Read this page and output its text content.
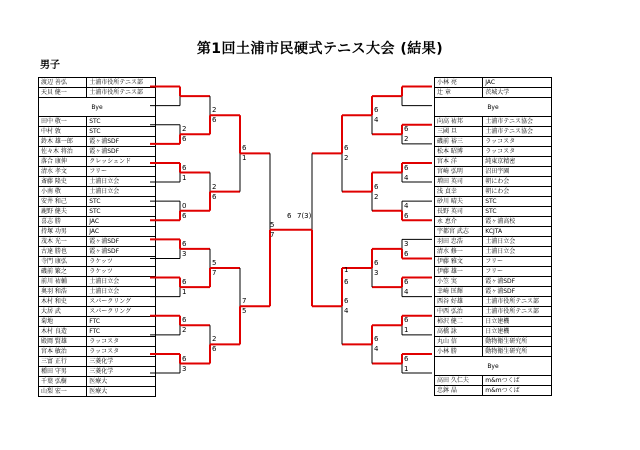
第1回土浦市民硬式テニス大会 (結果)
男子
渡辺 善弘	土浦市役所テニス部
天貝 健一	土浦市役所テニス部
Bye	
田中 敬一	STC
中村 敦	STC
鈴木 雄一郎	霞ヶ浦SDF
佐々木 将治	霞ヶ浦SDF
落合 康伸	クレッシェンド
清水 孝文	フリー
斎藤 隆史	土浦日立会
小南 敬	土浦日立会
安井 和己	STC
鹿野 健夫	STC
喜志 勝	JAC
持塚 功男	JAC
茂木 光一	霞ヶ浦SDF
古達 勝也	霞ヶ浦SDF
寺門 康弘	ラケッツ
磯前 繁之	ラケッツ
前川 祐輔	土浦日立会
奥羽 和浩	土浦日立会
木村 和史	スパークリング
大居 武	スパークリング
菊地	FTC
木村 良造	FTC
殿岡 賢雄	ラッコスタ
宮本 敏治	ラッコスタ
三富 正行	三菱化学
種田 守男	三菱化学
千葉 弘樹	医療大
山梨 宏一	医療大
小林 亮	JAC
辻 章	茨城大学
Bye	
向高 祐邦	土浦市テニス協会
三國 旦	土浦市テニス協会
磯前 裕三	ラッコスタ
松本 昭博	ラッコスタ
宮本 洋	純東京精密
宮崎 弘明	沼田宇園
増田 英司	朝にわ会
浅 貞幸	朝にわ会
砂川 晴夫	STC
長野 英司	STC
永 恵介	霞ヶ浦高校
宇都宮 武志	KCJTA
羽田 忠浩	土浦日立会
清水 修一	土浦日立会
伊藤 雅文	フリー
伊藤 雄一	フリー
小笠 実	霞ヶ浦SDF
幸崎 匡輝	霞ヶ浦SDF
西谷 好雄	土浦市役所テニス部
中西 弘治	土浦市役所テニス部
柿沢 健二	日立建機
高橋 詠	日立建機
丸山 信	動物衛生研究所
小林 勝	動物衛生研究所
Bye	
高田 久仁夫	m&mつくば
忠鉢 晶	m&mつくば
2
6
6
1
0
6
6
3
6
1
6
2
6
3
2
6
2
6
5
7
2
6
6
1
7
5
5
7
6 7(3)
1
6
6
2
6
4
6
4
6
2
6
3
6
4
6
2
6
4
4
6
3
6
6
4
6
1
6
1
